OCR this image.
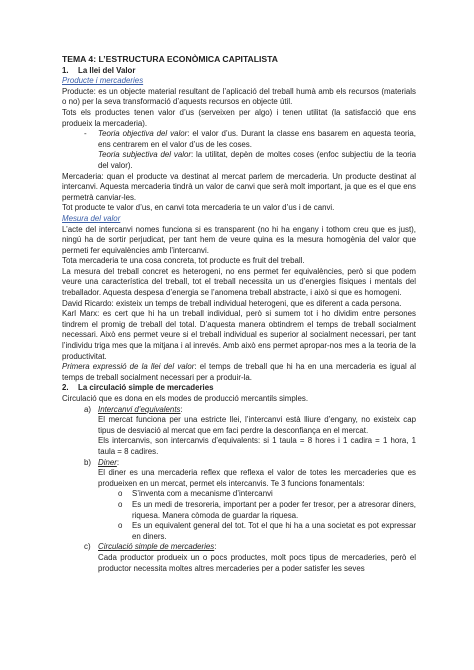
TEMA 4: L’ESTRUCTURA ECONÒMICA CAPITALISTA
1. La llei del Valor
Producte i mercaderies

Producte: es un objecte material resultant de l’aplicació del treball humà amb els recursos (materials o no) per la seva transformació d’aquests recursos en objecte útil.

Tots els productes tenen valor d’us (serveixen per algo) i tenen utilitat (la satisfacció que ens produeix la mercaderia).

-	Teoria objectiva del valor: el valor d’us. Durant la classe ens basarem en aquesta teoria, ens centrarem en el valor d’us de les coses.
Teoria subjectiva del valor: la utilitat, depèn de moltes coses (enfoc subjectiu de la teoria del valor).

Mercaderia: quan el producte va destinat al mercat parlem de mercaderia. Un producte destinat al intercanvi. Aquesta mercaderia tindrà un valor de canvi que serà molt important, ja que es el que ens permetrà canviar-les.

Tot producte te valor d’us, en canvi tota mercaderia te un valor d’us i de canvi.

Mesura del valor

L’acte del intercanvi nomes funciona si es transparent (no hi ha engany i tothom creu que es just), ningú ha de sortir perjudicat, per tant hem de veure quina es la mesura homogènia del valor que permeti fer equivalències amb l’intercanvi.

Tota mercaderia te una cosa concreta, tot producte es fruit del treball.

La mesura del treball concret es heterogeni, no ens permet fer equivalències, però si que podem veure una característica del treball, tot el treball necessita un us d’energies físiques i mentals del treballador. Aquesta despesa d’energia se l’anomena treball abstracte, i això si que es homogeni.

David Ricardo: existeix un temps de treball individual heterogeni, que es diferent a cada persona.

Karl Marx: es cert que hi ha un treball individual, però si sumem tot i ho dividim entre persones tindrem el promig de treball del total. D’aquesta manera obtindrem el temps de treball socialment necessari. Això ens permet veure si el treball individual es superior al socialment necessari, per tant l’individu triga mes que la mitjana i al inrevés. Amb això ens permet apropar-nos mes a la teoria de la productivitat.

Primera expressió de la llei del valor: el temps de treball que hi ha en una mercaderia es igual al temps de treball socialment necessari per a produir-la.

2. La circulació simple de mercaderies

Circulació que es dona en els modes de producció mercantils simples.

a) Intercanvi d’equivalents:
El mercat funciona per una estricte llei, l’intercanvi està lliure d’engany, no existeix cap tipus de desviació al mercat que em faci perdre la desconfiança en el mercat.
Els intercanvis, son intercanvis d’equivalents: si 1 taula = 8 hores i 1 cadira = 1 hora, 1 taula = 8 cadires.
b) Diner:
El diner es una mercaderia reflex que reflexa el valor de totes les mercaderies que es produeixen en un mercat, permet els intercanvis. Te 3 funcions fonamentals:
o	S’inventa com a mecanisme d’intercanvi
o	Es un medi de tresoreria, important per a poder fer tresor, per a atresorar diners, riquesa. Manera còmoda de guardar la riquesa.
o	Es un equivalent general del tot. Tot el que hi ha a una societat es pot expressar en diners.
c) Circulació simple de mercaderies:
Cada productor produeix un o pocs productes, molt pocs tipus de mercaderies, però el productor necessita moltes altres mercaderies per a poder satisfer les seves
